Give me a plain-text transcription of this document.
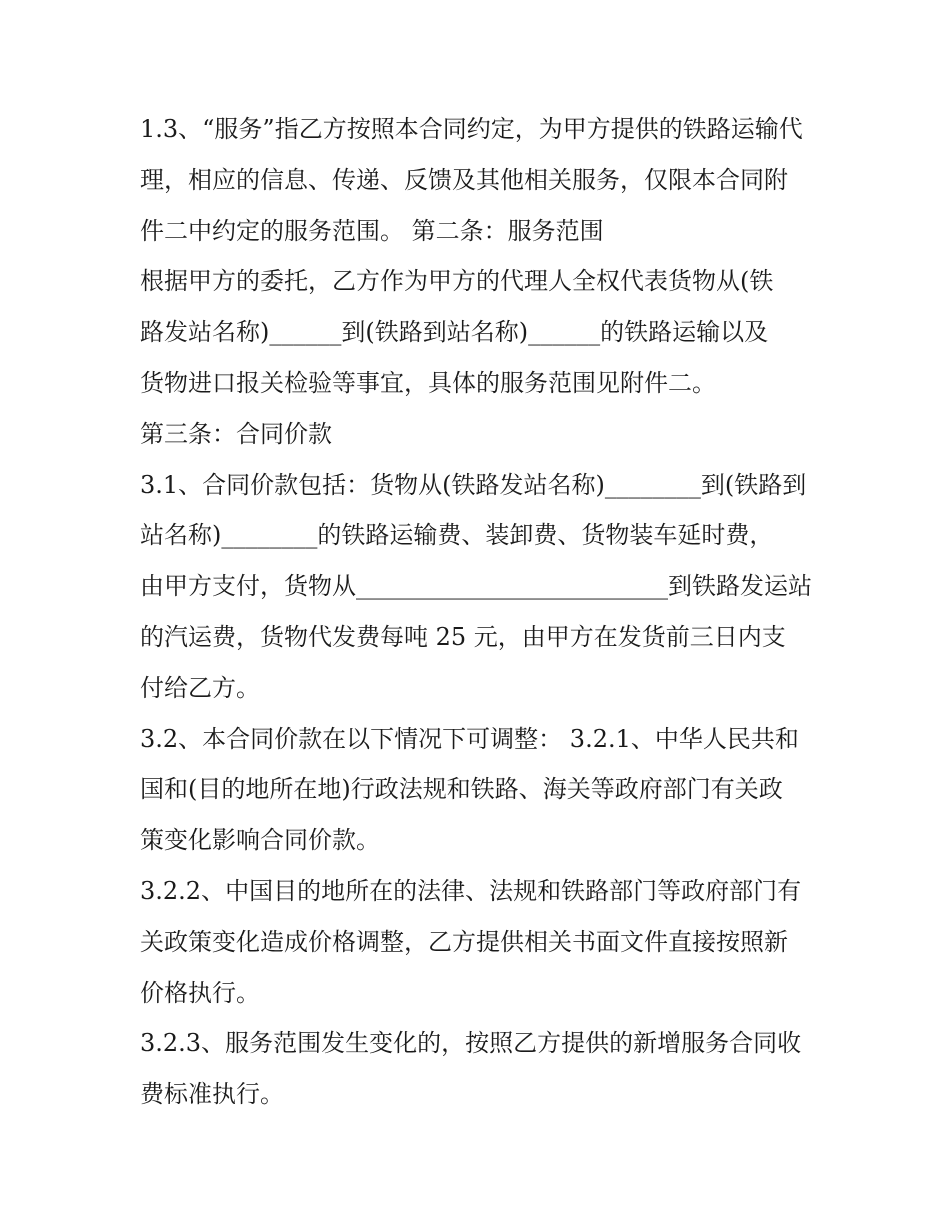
1.3、“服务”指乙方按照本合同约定，为甲方提供的铁路运输代
理，相应的信息、传递、反馈及其他相关服务，仅限本合同附
件二中约定的服务范围。 第二条：服务范围
根据甲方的委托，乙方作为甲方的代理人全权代表货物从(铁
路发站名称)______到(铁路到站名称)______的铁路运输以及
货物进口报关检验等事宜，具体的服务范围见附件二。
第三条：合同价款
3.1、合同价款包括：货物从(铁路发站名称)________到(铁路到
站名称)________的铁路运输费、装卸费、货物装车延时费，
由甲方支付，货物从__________________________到铁路发运站
的汽运费，货物代发费每吨 25 元，由甲方在发货前三日内支
付给乙方。
3.2、本合同价款在以下情况下可调整： 3.2.1、中华人民共和
国和(目的地所在地)行政法规和铁路、海关等政府部门有关政
策变化影响合同价款。
3.2.2、中国目的地所在的法律、法规和铁路部门等政府部门有
关政策变化造成价格调整，乙方提供相关书面文件直接按照新
价格执行。
3.2.3、服务范围发生变化的，按照乙方提供的新增服务合同收
费标准执行。
